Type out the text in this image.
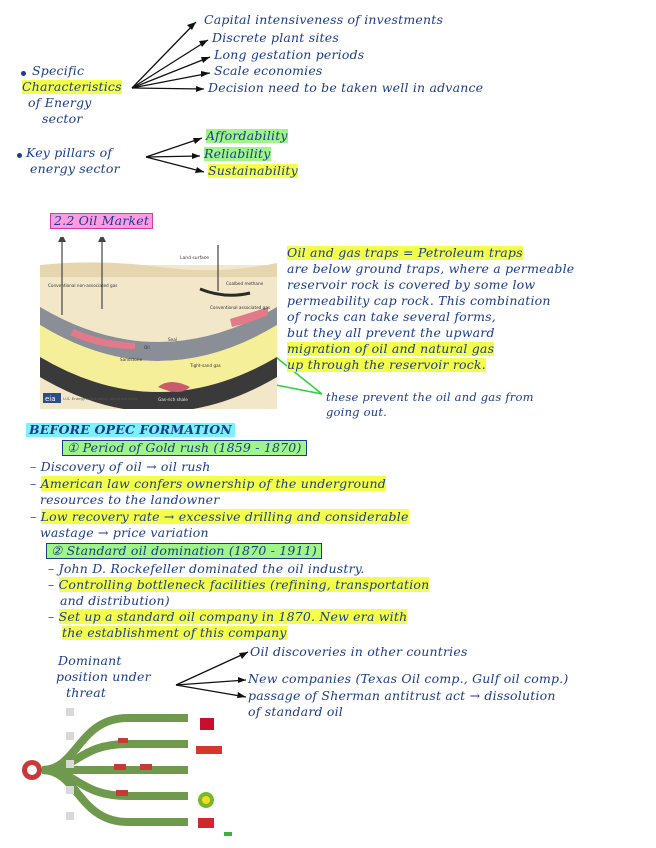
Specific
Characteristics
of Energy
sector
Capital intensiveness of investments
Discrete plant sites
Long gestation periods
Scale economies
Decision need to be taken well in advance
Key pillars of
energy sector
Affordability
Reliability
Sustainability
2.2 Oil Market
eia U.S. Energy Information Administration
Land surface
Conventional non-associated gas	Coalbed methane
Conventional associated gas
Seal
Oil
Sandstone
Tight-sand gas
Gas-rich shale
Oil and gas traps = Petroleum traps
are below ground traps, where a permeable
reservoir rock is covered by some low
permeability cap rock. This combination
of rocks can take several forms,
but they all prevent the upward
migration of oil and natural gas
up through the reservoir rock.
these prevent the oil and gas from
going out.
BEFORE OPEC FORMATION
① Period of Gold rush (1859 - 1870)
– Discovery of oil → oil rush
– American law confers ownership of the underground
resources to the landowner
– Low recovery rate → excessive drilling and considerable
wastage → price variation
② Standard oil domination (1870 - 1911)
– John D. Rockefeller dominated the oil industry.
– Controlling bottleneck facilities (refining, transportation
and distribution)
– Set up a standard oil company in 1870. New era with
the establishment of this company
Dominant
position under
threat
Oil discoveries in other countries
New companies (Texas Oil comp., Gulf oil comp.)
passage of Sherman antitrust act → dissolution
of standard oil
